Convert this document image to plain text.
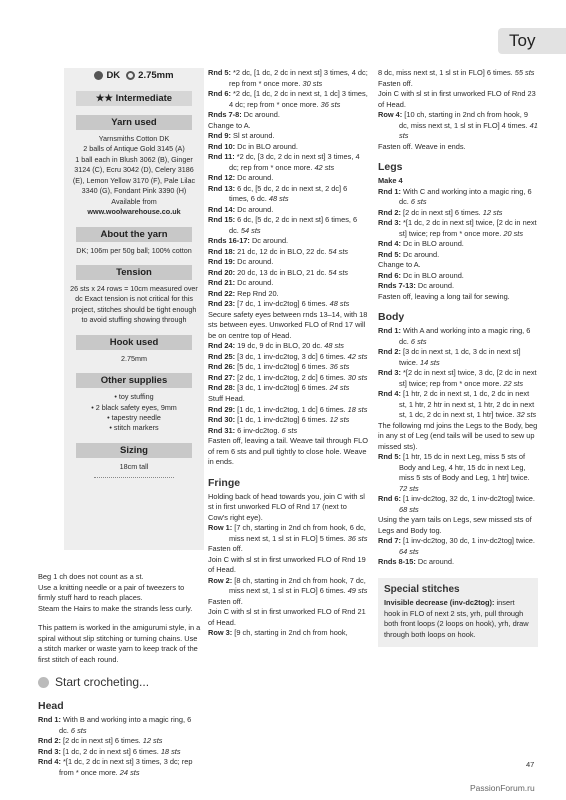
Toy
DK 2.75mm
★★ Intermediate
Yarn used
Yarnsmiths Cotton DK
2 balls of Antique Gold 3145 (A)
1 ball each in Blush 3062 (B), Ginger 3124 (C), Ecru 3042 (D), Celery 3186 (E), Lemon Yellow 3170 (F), Pale Lilac 3340 (G), Fondant Pink 3390 (H)
Available from
www.woolwarehouse.co.uk
About the yarn
DK; 106m per 50g ball; 100% cotton
Tension
26 sts x 24 rows = 10cm measured over dc Exact tension is not critical for this project, stitches should be tight enough to avoid stuffing showing through
Hook used
2.75mm
Other supplies
• toy stuffing
• 2 black safety eyes, 9mm
• tapestry needle
• stitch markers
Sizing
18cm tall
Beg 1 ch does not count as a st.
Use a knitting needle or a pair of tweezers to firmly stuff hard to reach places.
Steam the Hairs to make the strands less curly.
This pattern is worked in the amigurumi style, in a spiral without slip stitching or turning chains. Use a stitch marker or waste yarn to keep track of the first stitch of each round.
Start crocheting...
Head
Rnd 1: With B and working into a magic ring, 6 dc. 6 sts
Rnd 2: [2 dc in next st] 6 times. 12 sts
Rnd 3: [1 dc, 2 dc in next st] 6 times. 18 sts
Rnd 4: *[1 dc, 2 dc in next st] 3 times, 3 dc; rep from * once more. 24 sts
Rnd 5: *2 dc, [1 dc, 2 dc in next st] 3 times, 4 dc; rep from * once more. 30 sts
Rnd 6: *2 dc, [1 dc, 2 dc in next st, 1 dc] 3 times, 4 dc; rep from * once more. 36 sts
Rnds 7-8: Dc around.
Change to A.
Rnd 9: Sl st around.
Rnd 10: Dc in BLO around.
Rnd 11: *2 dc, [3 dc, 2 dc in next st] 3 times, 4 dc; rep from * once more. 42 sts
Rnd 12: Dc around.
Rnd 13: 6 dc, [5 dc, 2 dc in next st, 2 dc] 6 times, 6 dc. 48 sts
Rnd 14: Dc around.
Rnd 15: 6 dc, [5 dc, 2 dc in next st] 6 times, 6 dc. 54 sts
Rnds 16-17: Dc around.
Rnd 18: 21 dc, 12 dc in BLO, 22 dc. 54 sts
Rnd 19: Dc around.
Rnd 20: 20 dc, 13 dc in BLO, 21 dc. 54 sts
Rnd 21: Dc around.
Rnd 22: Rep Rnd 20.
Rnd 23: [7 dc, 1 inv-dc2tog] 6 times. 48 sts
Secure safety eyes between rnds 13–14, with 18 sts between eyes. Unworked FLO of Rnd 17 will be on centre top of Head.
Rnd 24: 19 dc, 9 dc in BLO, 20 dc. 48 sts
Rnd 25: [3 dc, 1 inv-dc2tog, 3 dc] 6 times. 42 sts
Rnd 26: [5 dc, 1 inv-dc2tog] 6 times. 36 sts
Rnd 27: [2 dc, 1 inv-dc2tog, 2 dc] 6 times. 30 sts
Rnd 28: [3 dc, 1 inv-dc2tog] 6 times. 24 sts
Stuff Head.
Rnd 29: [1 dc, 1 inv-dc2tog, 1 dc] 6 times. 18 sts
Rnd 30: [1 dc, 1 inv-dc2tog] 6 times. 12 sts
Rnd 31: 6 inv-dc2tog. 6 sts
Fasten off, leaving a tail. Weave tail through FLO of rem 6 sts and pull tightly to close hole. Weave in ends.
Fringe
Holding back of head towards you, join C with sl st in first unworked FLO of Rnd 17 (next to Cow's right eye).
Row 1: [7 ch, starting in 2nd ch from hook, 6 dc, miss next st, 1 sl st in FLO] 5 times. 36 sts
Fasten off.
Join C with sl st in first unworked FLO of Rnd 19 of Head.
Row 2: [8 ch, starting in 2nd ch from hook, 7 dc, miss next st, 1 sl st in FLO] 6 times. 49 sts
Fasten off.
Join C with sl st in first unworked FLO of Rnd 21 of Head.
Row 3: [9 ch, starting in 2nd ch from hook,
8 dc, miss next st, 1 sl st in FLO] 6 times. 55 sts
Fasten off.
Join C with sl st in first unworked FLO of Rnd 23 of Head.
Row 4: [10 ch, starting in 2nd ch from hook, 9 dc, miss next st, 1 sl st in FLO] 4 times. 41 sts
Fasten off. Weave in ends.
Legs
Make 4
Rnd 1: With C and working into a magic ring, 6 dc. 6 sts
Rnd 2: [2 dc in next st] 6 times. 12 sts
Rnd 3: *[1 dc, 2 dc in next st] twice, [2 dc in next st] twice; rep from * once more. 20 sts
Rnd 4: Dc in BLO around.
Rnd 5: Dc around.
Change to A.
Rnd 6: Dc in BLO around.
Rnds 7-13: Dc around.
Fasten off, leaving a long tail for sewing.
Body
Rnd 1: With A and working into a magic ring, 6 dc. 6 sts
Rnd 2: [3 dc in next st, 1 dc, 3 dc in next st] twice. 14 sts
Rnd 3: *[2 dc in next st] twice, 3 dc, [2 dc in next st] twice; rep from * once more. 22 sts
Rnd 4: [1 htr, 2 dc in next st, 1 dc, 2 dc in next st, 1 htr, 2 htr in next st, 1 htr, 2 dc in next st, 1 dc, 2 dc in next st, 1 htr] twice. 32 sts
The following rnd joins the Legs to the Body, beg in any st of Leg (end tails will be used to sew up missed sts).
Rnd 5: [1 htr, 15 dc in next Leg, miss 5 sts of Body and Leg, 4 htr, 15 dc in next Leg, miss 5 sts of Body and Leg, 1 htr] twice. 72 sts
Rnd 6: [1 inv-dc2tog, 32 dc, 1 inv-dc2tog] twice. 68 sts
Using the yarn tails on Legs, sew missed sts of Legs and Body tog.
Rnd 7: [1 inv-dc2tog, 30 dc, 1 inv-dc2tog] twice. 64 sts
Rnds 8-15: Dc around.
Special stitches
Invisible decrease (inv-dc2tog): insert hook in FLO of next 2 sts, yrh, pull through both front loops (2 loops on hook), yrh, draw through both loops on hook.
47
PassionForum.ru
